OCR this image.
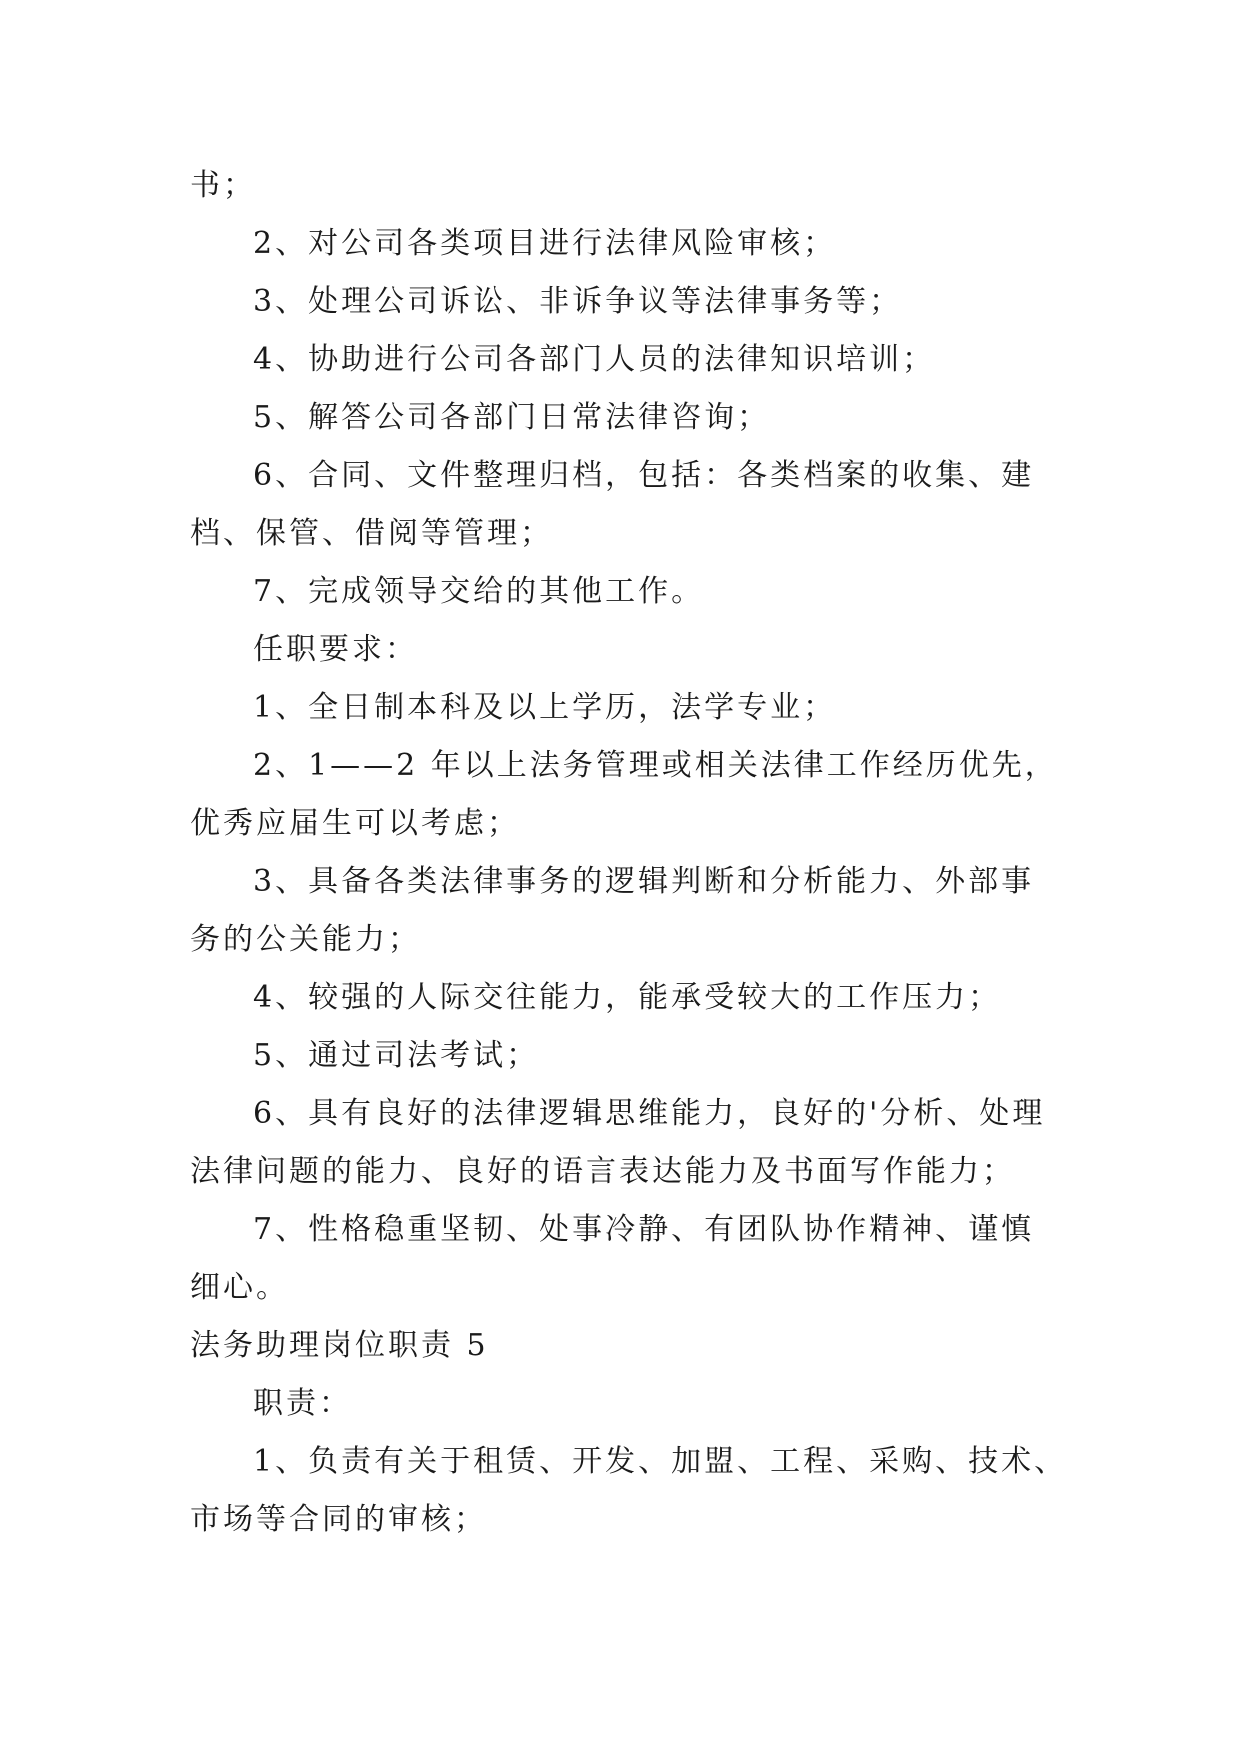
书；
2、对公司各类项目进行法律风险审核；
3、处理公司诉讼、非诉争议等法律事务等；
4、协助进行公司各部门人员的法律知识培训；
5、解答公司各部门日常法律咨询；
6、合同、文件整理归档，包括：各类档案的收集、建
档、保管、借阅等管理；
7、完成领导交给的其他工作。
任职要求：
1、全日制本科及以上学历，法学专业；
2、1——2 年以上法务管理或相关法律工作经历优先，
优秀应届生可以考虑；
3、具备各类法律事务的逻辑判断和分析能力、外部事
务的公关能力；
4、较强的人际交往能力，能承受较大的工作压力；
5、通过司法考试；
6、具有良好的法律逻辑思维能力，良好的'分析、处理
法律问题的能力、良好的语言表达能力及书面写作能力；
7、性格稳重坚韧、处事冷静、有团队协作精神、谨慎
细心。
法务助理岗位职责 5
职责：
1、负责有关于租赁、开发、加盟、工程、采购、技术、
市场等合同的审核；
